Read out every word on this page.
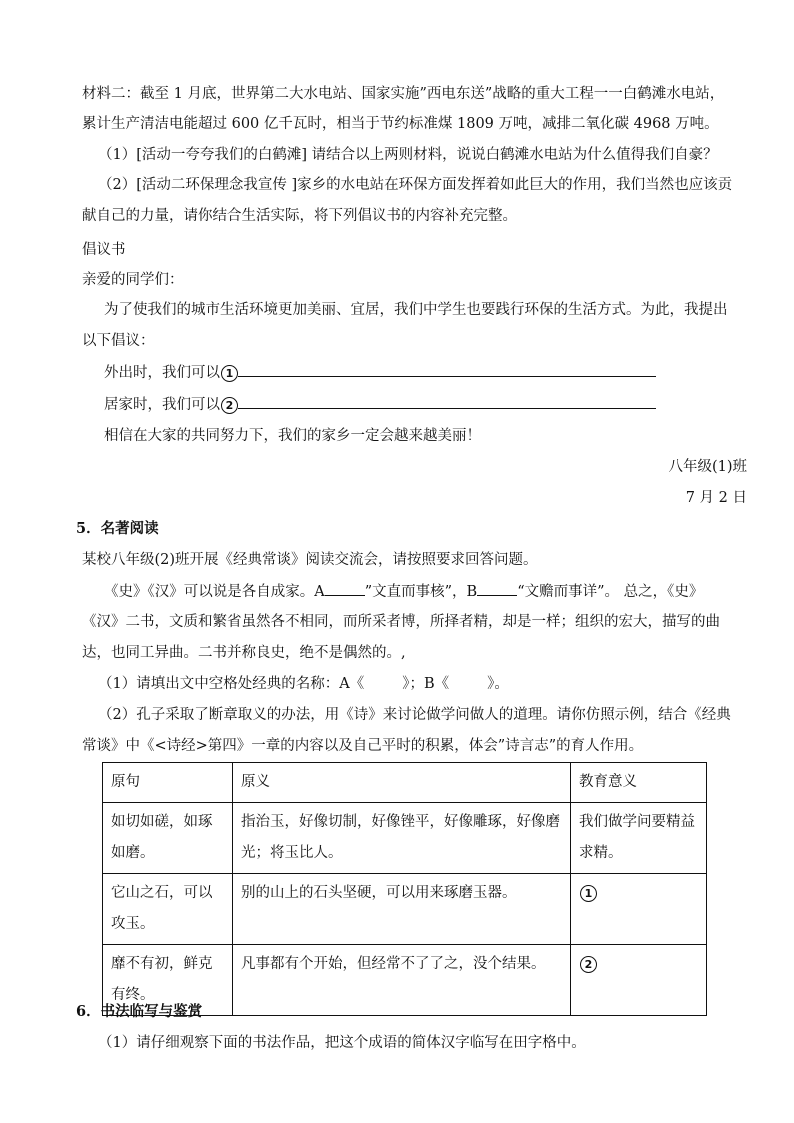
材料二：截至 1 月底，世界第二大水电站、国家实施”西电东送”战略的重大工程一一白鹤滩水电站，
累计生产清洁电能超过 600 亿千瓦时，相当于节约标准煤 1809 万吨，减排二氧化碳 4968 万吨。
（1）[活动一夸夸我们的白鹤滩] 请结合以上两则材料，说说白鹤滩水电站为什么值得我们自豪？
（2）[活动二环保理念我宣传 ]家乡的水电站在环保方面发挥着如此巨大的作用，我们当然也应该贡
献自己的力量，请你结合生活实际，将下列倡议书的内容补充完整。
倡议书
亲爱的同学们：
为了使我们的城市生活环境更加美丽、宜居，我们中学生也要践行环保的生活方式。为此，我提出
以下倡议：
外出时，我们可以 1
居家时，我们可以 2
相信在大家的共同努力下，我们的家乡一定会越来越美丽！
八年级(1)班
7 月 2 日
5．名著阅读
某校八年级(2)班开展《经典常谈》阅读交流会，请按照要求回答问题。
《史》《汉》可以说是各自成家。A	”文直而事核”，B	“文赡而事详”。 总之，《史》
《汉》二书，文质和繁省虽然各不相同，而所采者博，所择者精，却是一样；组织的宏大，描写的曲
达，也同工异曲。二书并称良史，绝不是偶然的。,
（1）请填出文中空格处经典的名称：A《	》；B《	》。
（2）孔子采取了断章取义的办法，用《诗》来讨论做学问做人的道理。请你仿照示例，结合《经典
常谈》中《<诗经>第四》一章的内容以及自己平时的积累，体会”诗言志”的育人作用。
原句	原义	教育意义
如切如磋，如琢如磨。	指治玉，好像切制，好像锉平，好像雕琢，好像磨光；将玉比人。	我们做学问要精益求精。
它山之石，可以攻玉。	别的山上的石头坚硬，可以用来琢磨玉器。	1
靡不有初，鲜克有终。	凡事都有个开始，但经常不了了之，没个结果。	2
6．书法临写与鉴赏
（1）请仔细观察下面的书法作品，把这个成语的简体汉字临写在田字格中。
